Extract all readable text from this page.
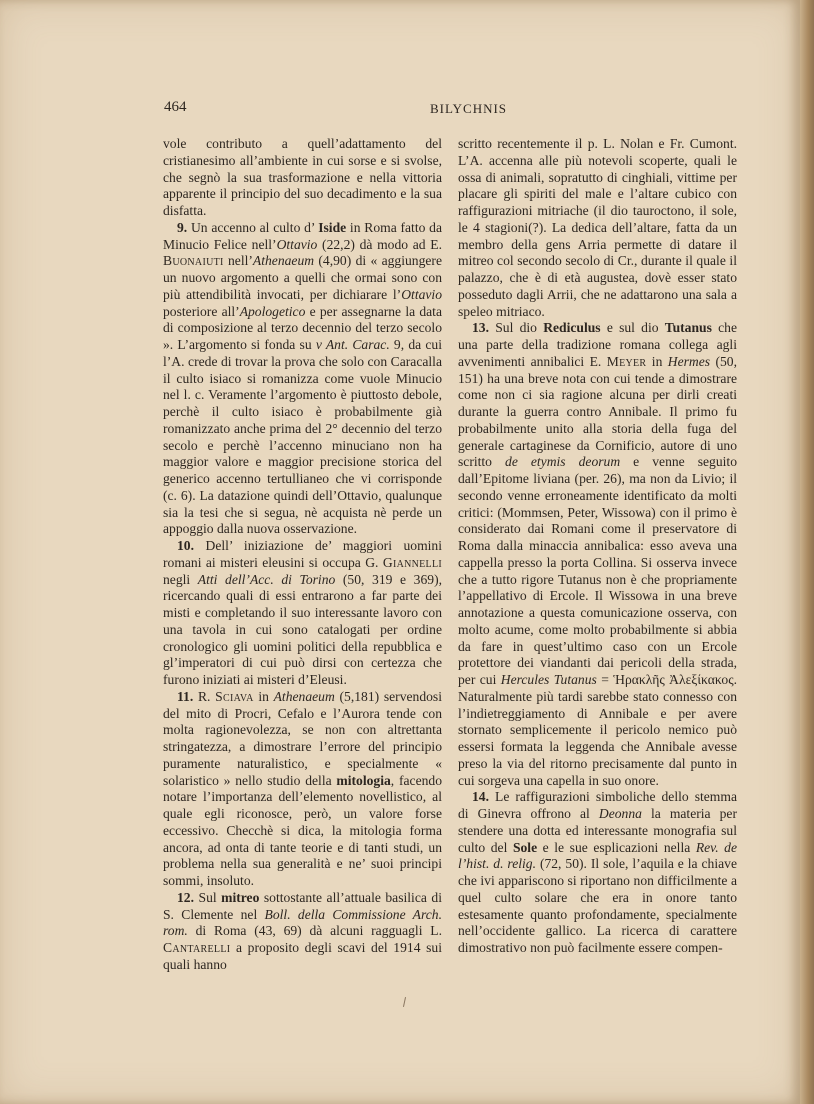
464	BILYCHNIS

vole contributo a quell’adattamento del cristianesimo all’ambiente in cui sorse e si svolse, che segnò la sua trasformazione e nella vittoria apparente il principio del suo decadimento e la sua disfatta.

9. Un accenno al culto d’ Iside in Roma fatto da Minucio Felice nell’Ottavio (22,2) dà modo ad E. Buonaiuti nell’Athenaeum (4,90) di « aggiungere un nuovo argomento a quelli che ormai sono con più attendibilità invocati, per dichiarare l’Ottavio posteriore all’Apologetico e per assegnarne la data di composizione al terzo decennio del terzo secolo ». L’argomento si fonda su v Ant. Carac. 9, da cui l’A. crede di trovar la prova che solo con Caracalla il culto isiaco si romanizza come vuole Minucio nel l. c. Veramente l’argomento è piuttosto debole, perchè il culto isiaco è probabilmente già romanizzato anche prima del 2° decennio del terzo secolo e perchè l’accenno minuciano non ha maggior valore e maggior precisione storica del generico accenno tertullianeo che vi corrisponde (c. 6). La datazione quindi dell’Ottavio, qualunque sia la tesi che si segua, nè acquista nè perde un appoggio dalla nuova osservazione.

10. Dell’ iniziazione de’ maggiori uomini romani ai misteri eleusini si occupa G. Giannelli negli Atti dell’Acc. di Torino (50, 319 e 369), ricercando quali di essi entrarono a far parte dei misti e completando il suo interessante lavoro con una tavola in cui sono catalogati per ordine cronologico gli uomini politici della repubblica e gl’imperatori di cui può dirsi con certezza che furono iniziati ai misteri d’Eleusi.

11. R. Sciava in Athenaeum (5,181) servendosi del mito di Procri, Cefalo e l’Aurora tende con molta ragionevolezza, se non con altrettanta stringatezza, a dimostrare l’errore del principio puramente naturalistico, e specialmente « solaristico » nello studio della mitologia, facendo notare l’importanza dell’elemento novellistico, al quale egli riconosce, però, un valore forse eccessivo. Checchè si dica, la mitologia forma ancora, ad onta di tante teorie e di tanti studi, un problema nella sua generalità e ne’ suoi principi sommi, insoluto.

12. Sul mitreo sottostante all’attuale basilica di S. Clemente nel Boll. della Commissione Arch. rom. di Roma (43, 69) dà alcuni ragguagli L. Cantarelli a proposito degli scavi del 1914 sui quali hanno

scritto recentemente il p. L. Nolan e Fr. Cumont. L’A. accenna alle più notevoli scoperte, quali le ossa di animali, sopratutto di cinghiali, vittime per placare gli spiriti del male e l’altare cubico con raffigurazioni mitriache (il dio tauroctono, il sole, le 4 stagioni(?). La dedica dell’altare, fatta da un membro della gens Arria permette di datare il mitreo col secondo secolo di Cr., durante il quale il palazzo, che è di età augustea, dovè esser stato posseduto dagli Arrii, che ne adattarono una sala a speleo mitriaco.

13. Sul dio Rediculus e sul dio Tutanus che una parte della tradizione romana collega agli avvenimenti annibalici E. Meyer in Hermes (50, 151) ha una breve nota con cui tende a dimostrare come non ci sia ragione alcuna per dirli creati durante la guerra contro Annibale. Il primo fu probabilmente unito alla storia della fuga del generale cartaginese da Cornificio, autore di uno scritto de etymis deorum e venne seguito dall’Epitome liviana (per. 26), ma non da Livio; il secondo venne erroneamente identificato da molti critici: (Mommsen, Peter, Wissowa) con il primo è considerato dai Romani come il preservatore di Roma dalla minaccia annibalica: esso aveva una cappella presso la porta Collina. Si osserva invece che a tutto rigore Tutanus non è che propriamente l’appellativo di Ercole. Il Wissowa in una breve annotazione a questa comunicazione osserva, con molto acume, come molto probabilmente si abbia da fare in quest’ultimo caso con un Ercole protettore dei viandanti dai pericoli della strada, per cui Hercules Tutanus = Ἡρακλῆς Ἀλεξίκακος. Naturalmente più tardi sarebbe stato connesso con l’indietreggiamento di Annibale e per avere stornato semplicemente il pericolo nemico può essersi formata la leggenda che Annibale avesse preso la via del ritorno precisamente dal punto in cui sorgeva una capella in suo onore.

14. Le raffigurazioni simboliche dello stemma di Ginevra offrono al Deonna la materia per stendere una dotta ed interessante monografia sul culto del Sole e le sue esplicazioni nella Rev. de l’hist. d. relig. (72, 50). Il sole, l’aquila e la chiave che ivi appariscono si riportano non difficilmente a quel culto solare che era in onore tanto estesamente quanto profondamente, specialmente nell’occidente gallico. La ricerca di carattere dimostrativo non può facilmente essere compen-
